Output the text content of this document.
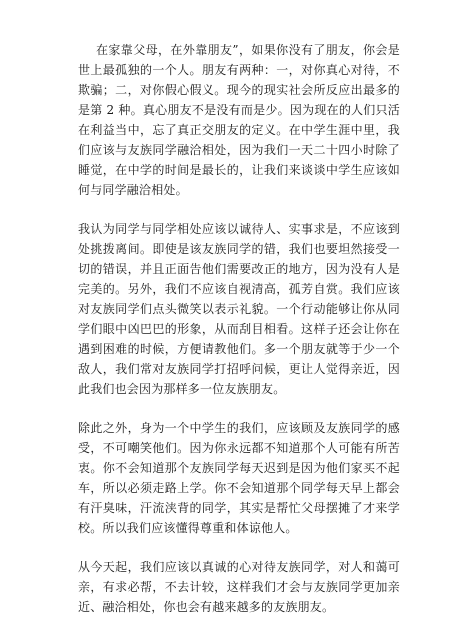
在家靠父母，在外靠朋友”，如果你没有了朋友，你会是世上最孤独的一个人。朋友有两种：一，对你真心对待，不欺骗；二，对你假心假义。现今的现实社会所反应出最多的是第 2 种。真心朋友不是没有而是少。因为现在的人们只活在利益当中，忘了真正交朋友的定义。在中学生涯中里，我们应该与友族同学融洽相处，因为我们一天二十四小时除了睡觉，在中学的时间是最长的，让我们来谈谈中学生应该如何与同学融洽相处。

我认为同学与同学相处应该以诚待人、实事求是，不应该到处挑拨离间。即使是该友族同学的错，我们也要坦然接受一切的错误，并且正面告他们需要改正的地方，因为没有人是完美的。另外，我们不应该自视清高，孤芳自赏。我们应该对友族同学们点头微笑以表示礼貌。一个行动能够让你从同学们眼中凶巴巴的形象，从而刮目相看。这样子还会让你在遇到困难的时候，方便请教他们。多一个朋友就等于少一个敌人，我们常对友族同学打招呼问候，更让人觉得亲近，因此我们也会因为那样多一位友族朋友。

除此之外，身为一个中学生的我们，应该顾及友族同学的感受，不可嘲笑他们。因为你永远都不知道那个人可能有所苦衷。你不会知道那个友族同学每天迟到是因为他们家买不起车，所以必须走路上学。你不会知道那个同学每天早上都会有汗臭味，汗流浃背的同学，其实是帮忙父母摆摊了才来学校。所以我们应该懂得尊重和体谅他人。

从今天起，我们应该以真诚的心对待友族同学，对人和蔼可亲，有求必帮，不去计较，这样我们才会与友族同学更加亲近、融洽相处，你也会有越来越多的友族朋友。
